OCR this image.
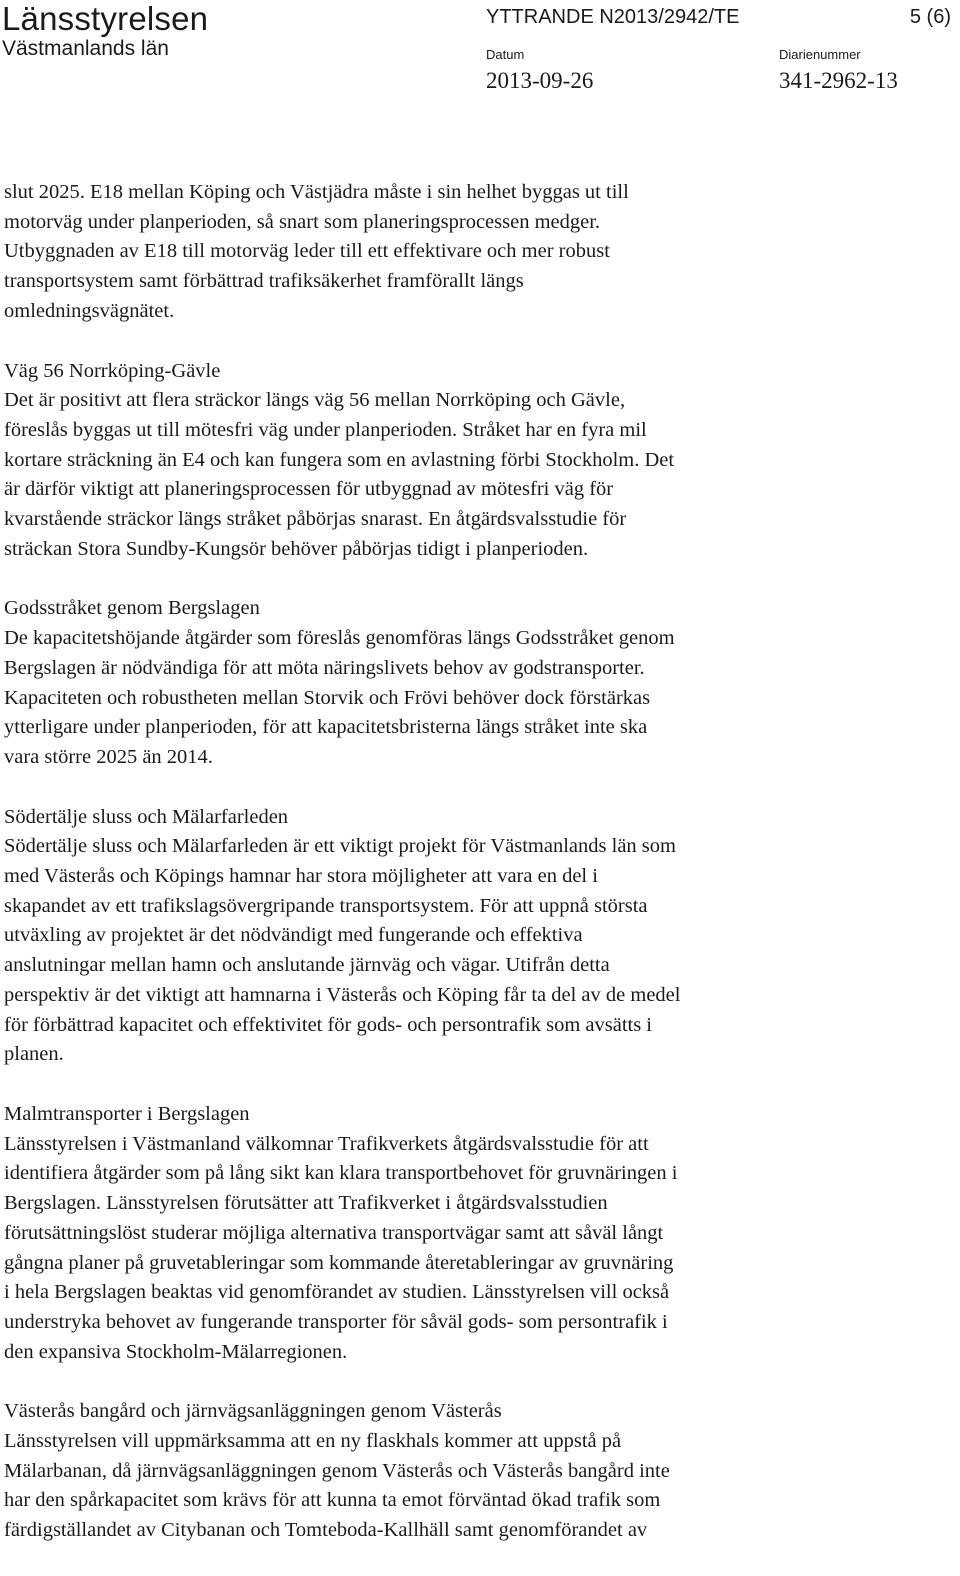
Länsstyrelsen
Västmanlands län
YTTRANDE N2013/2942/TE	5 (6)
Datum
2013-09-26
Diarienummer
341-2962-13
slut 2025. E18 mellan Köping och Västjädra måste i sin helhet byggas ut till
motorväg under planperioden, så snart som planeringsprocessen medger.
Utbyggnaden av E18 till motorväg leder till ett effektivare och mer robust
transportsystem samt förbättrad trafiksäkerhet framförallt längs
omledningsvägnätet.
Väg 56 Norrköping-Gävle
Det är positivt att flera sträckor längs väg 56 mellan Norrköping och Gävle,
föreslås byggas ut till mötesfri väg under planperioden. Stråket har en fyra mil
kortare sträckning än E4 och kan fungera som en avlastning förbi Stockholm. Det
är därför viktigt att planeringsprocessen för utbyggnad av mötesfri väg för
kvarstående sträckor längs stråket påbörjas snarast. En åtgärdsvalsstudie för
sträckan Stora Sundby-Kungsör behöver påbörjas tidigt i planperioden.
Godsstråket genom Bergslagen
De kapacitetshöjande åtgärder som föreslås genomföras längs Godsstråket genom
Bergslagen är nödvändiga för att möta näringslivets behov av godstransporter.
Kapaciteten och robustheten mellan Storvik och Frövi behöver dock förstärkas
ytterligare under planperioden, för att kapacitetsbristerna längs stråket inte ska
vara större 2025 än 2014.
Södertälje sluss och Mälarfarleden
Södertälje sluss och Mälarfarleden är ett viktigt projekt för Västmanlands län som
med Västerås och Köpings hamnar har stora möjligheter att vara en del i
skapandet av ett trafikslagsövergripande transportsystem. För att uppnå största
utväxling av projektet är det nödvändigt med fungerande och effektiva
anslutningar mellan hamn och anslutande järnväg och vägar. Utifrån detta
perspektiv är det viktigt att hamnarna i Västerås och Köping får ta del av de medel
för förbättrad kapacitet och effektivitet för gods- och persontrafik som avsätts i
planen.
Malmtransporter i Bergslagen
Länsstyrelsen i Västmanland välkomnar Trafikverkets åtgärdsvalsstudie för att
identifiera åtgärder som på lång sikt kan klara transportbehovet för gruvnäringen i
Bergslagen. Länsstyrelsen förutsätter att Trafikverket i åtgärdsvalsstudien
förutsättningslöst studerar möjliga alternativa transportvägar samt att såväl långt
gångna planer på gruvetableringar som kommande återetableringar av gruvnäring
i hela Bergslagen beaktas vid genomförandet av studien. Länsstyrelsen vill också
understryka behovet av fungerande transporter för såväl gods- som persontrafik i
den expansiva Stockholm-Mälarregionen.
Västerås bangård och järnvägsanläggningen genom Västerås
Länsstyrelsen vill uppmärksamma att en ny flaskhals kommer att uppstå på
Mälarbanan, då järnvägsanläggningen genom Västerås och Västerås bangård inte
har den spårkapacitet som krävs för att kunna ta emot förväntad ökad trafik som
färdigställandet av Citybanan och Tomteboda-Kallhäll samt genomförandet av
